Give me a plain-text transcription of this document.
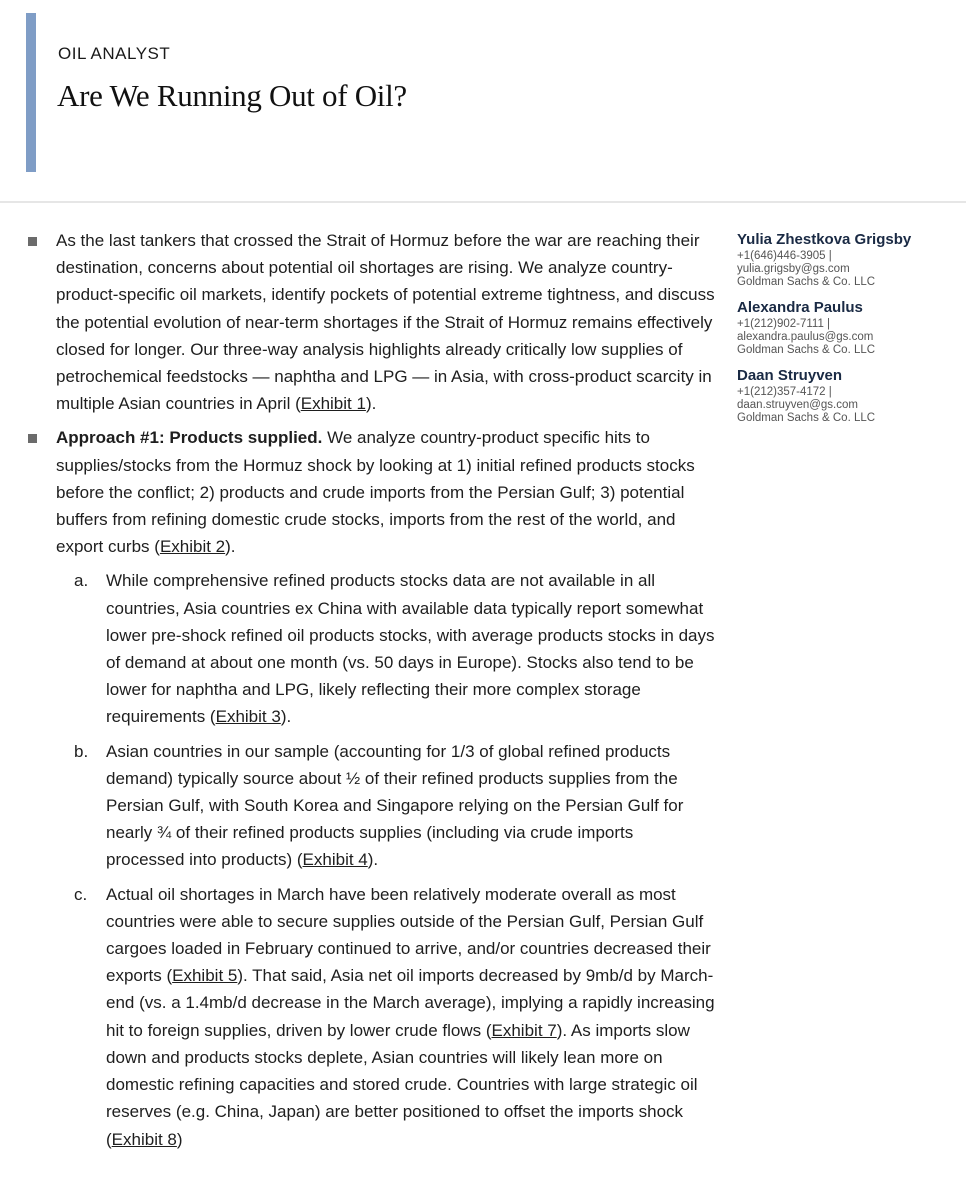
OIL ANALYST
Are We Running Out of Oil?
As the last tankers that crossed the Strait of Hormuz before the war are reaching their destination, concerns about potential oil shortages are rising. We analyze country-product-specific oil markets, identify pockets of potential extreme tightness, and discuss the potential evolution of near-term shortages if the Strait of Hormuz remains effectively closed for longer. Our three-way analysis highlights already critically low supplies of petrochemical feedstocks — naphtha and LPG — in Asia, with cross-product scarcity in multiple Asian countries in April (Exhibit 1).
Approach #1: Products supplied. We analyze country-product specific hits to supplies/stocks from the Hormuz shock by looking at 1) initial refined products stocks before the conflict; 2) products and crude imports from the Persian Gulf; 3) potential buffers from refining domestic crude stocks, imports from the rest of the world, and export curbs (Exhibit 2).
a. While comprehensive refined products stocks data are not available in all countries, Asia countries ex China with available data typically report somewhat lower pre-shock refined oil products stocks, with average products stocks in days of demand at about one month (vs. 50 days in Europe). Stocks also tend to be lower for naphtha and LPG, likely reflecting their more complex storage requirements (Exhibit 3).
b. Asian countries in our sample (accounting for 1/3 of global refined products demand) typically source about ½ of their refined products supplies from the Persian Gulf, with South Korea and Singapore relying on the Persian Gulf for nearly ¾ of their refined products supplies (including via crude imports processed into products) (Exhibit 4).
c. Actual oil shortages in March have been relatively moderate overall as most countries were able to secure supplies outside of the Persian Gulf, Persian Gulf cargoes loaded in February continued to arrive, and/or countries decreased their exports (Exhibit 5). That said, Asia net oil imports decreased by 9mb/d by March-end (vs. a 1.4mb/d decrease in the March average), implying a rapidly increasing hit to foreign supplies, driven by lower crude flows (Exhibit 7). As imports slow down and products stocks deplete, Asian countries will likely lean more on domestic refining capacities and stored crude. Countries with large strategic oil reserves (e.g. China, Japan) are better positioned to offset the imports shock (Exhibit 8)
Yulia Zhestkova Grigsby
+1(646)446-3905 |
yulia.grigsby@gs.com
Goldman Sachs & Co. LLC
Alexandra Paulus
+1(212)902-7111 |
alexandra.paulus@gs.com
Goldman Sachs & Co. LLC
Daan Struyven
+1(212)357-4172 |
daan.struyven@gs.com
Goldman Sachs & Co. LLC
